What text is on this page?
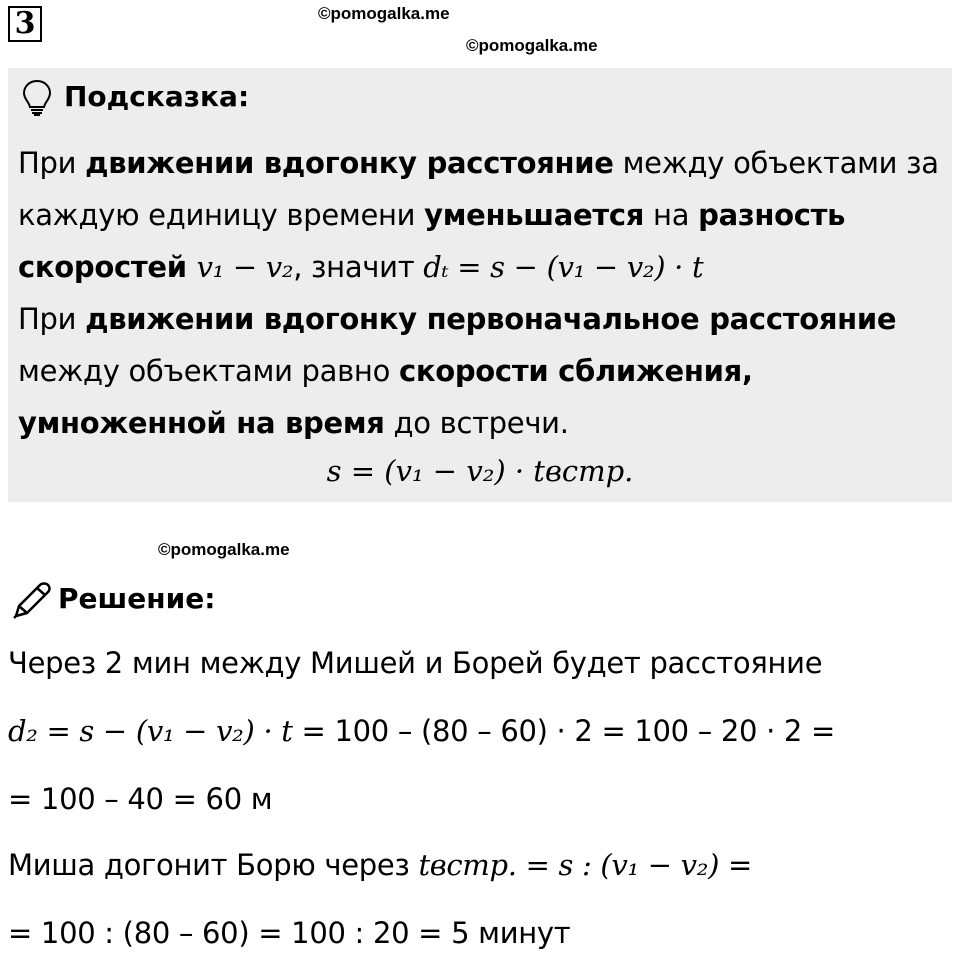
3	©pomogalka.me
©pomogalka.me
Подсказка:
При движении вдогонку расстояние между объектами за
каждую единицу времени уменьшается на разность
скоростей v₁ − v₂, значит dₜ = s − (v₁ − v₂) · t
При движении вдогонку первоначальное расстояние
между объектами равно скорости сближения,
умноженной на время до встречи.
s = (v₁ − v₂) · tвстр.
©pomogalka.me
Решение:
Через 2 мин между Мишей и Борей будет расстояние
d₂ = s − (v₁ − v₂) · t = 100 – (80 – 60) · 2 = 100 – 20 · 2 =
= 100 – 40 = 60 м
Миша догонит Борю через tвстр. = s : (v₁ − v₂) =
= 100 : (80 – 60) = 100 : 20 = 5 минут
